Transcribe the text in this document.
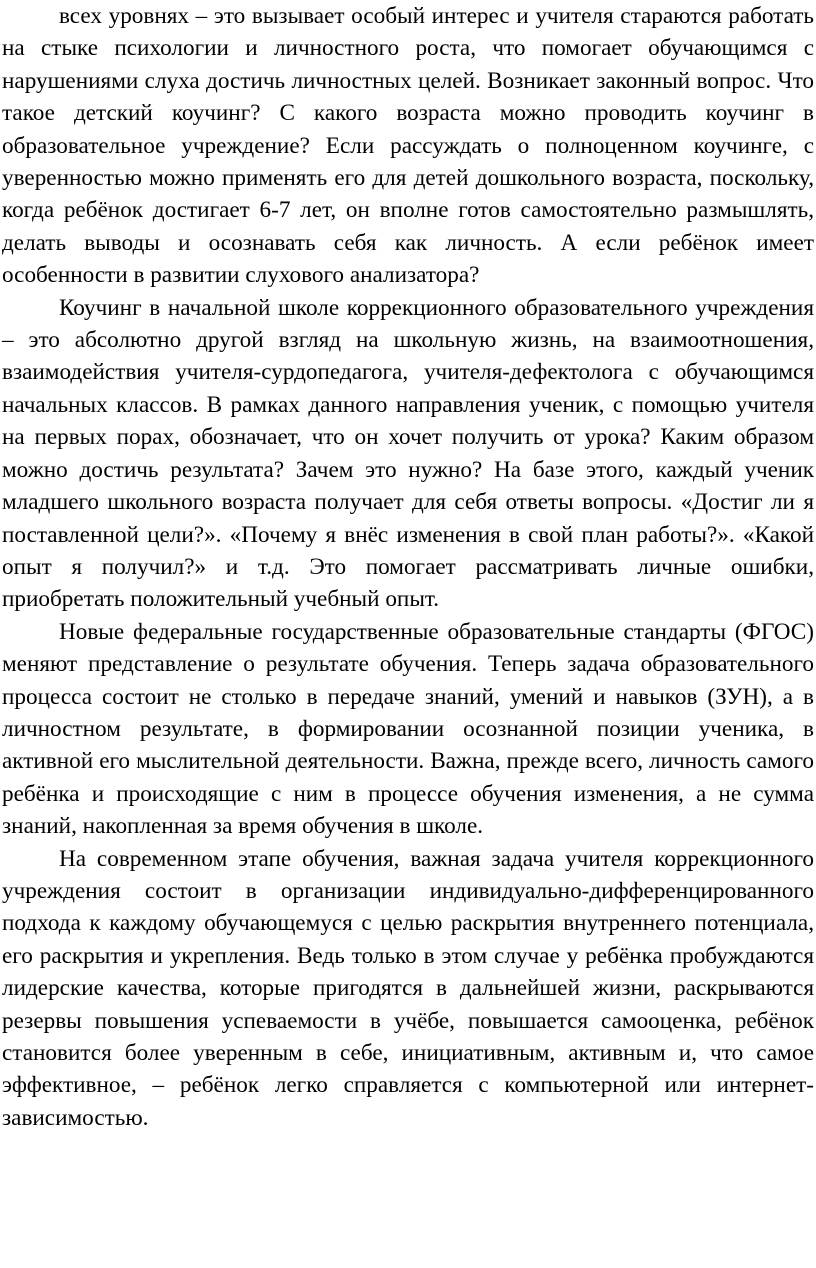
всех уровнях – это вызывает особый интерес и учителя стараются работать на стыке психологии и личностного роста, что помогает обучающимся с нарушениями слуха достичь личностных целей. Возникает законный вопрос. Что такое детский коучинг? С какого возраста можно проводить коучинг в образовательное учреждение? Если рассуждать о полноценном коучинге, с уверенностью можно применять его для детей дошкольного возраста, поскольку, когда ребёнок достигает 6-7 лет, он вполне готов самостоятельно размышлять, делать выводы и осознавать себя как личность. А если ребёнок имеет особенности в развитии слухового анализатора?

Коучинг в начальной школе коррекционного образовательного учреждения – это абсолютно другой взгляд на школьную жизнь, на взаимоотношения, взаимодействия учителя-сурдопедагога, учителя-дефектолога с обучающимся начальных классов. В рамках данного направления ученик, с помощью учителя на первых порах, обозначает, что он хочет получить от урока? Каким образом можно достичь результата? Зачем это нужно? На базе этого, каждый ученик младшего школьного возраста получает для себя ответы вопросы. «Достиг ли я поставленной цели?». «Почему я внёс изменения в свой план работы?». «Какой опыт я получил?» и т.д. Это помогает рассматривать личные ошибки, приобретать положительный учебный опыт.

Новые федеральные государственные образовательные стандарты (ФГОС) меняют представление о результате обучения. Теперь задача образовательного процесса состоит не столько в передаче знаний, умений и навыков (ЗУН), а в личностном результате, в формировании осознанной позиции ученика, в активной его мыслительной деятельности. Важна, прежде всего, личность самого ребёнка и происходящие с ним в процессе обучения изменения, а не сумма знаний, накопленная за время обучения в школе.

На современном этапе обучения, важная задача учителя коррекционного учреждения состоит в организации индивидуально-дифференцированного подхода к каждому обучающемуся с целью раскрытия внутреннего потенциала, его раскрытия и укрепления. Ведь только в этом случае у ребёнка пробуждаются лидерские качества, которые пригодятся в дальнейшей жизни, раскрываются резервы повышения успеваемости в учёбе, повышается самооценка, ребёнок становится более уверенным в себе, инициативным, активным и, что самое эффективное, – ребёнок легко справляется с компьютерной или интернет-зависимостью.
